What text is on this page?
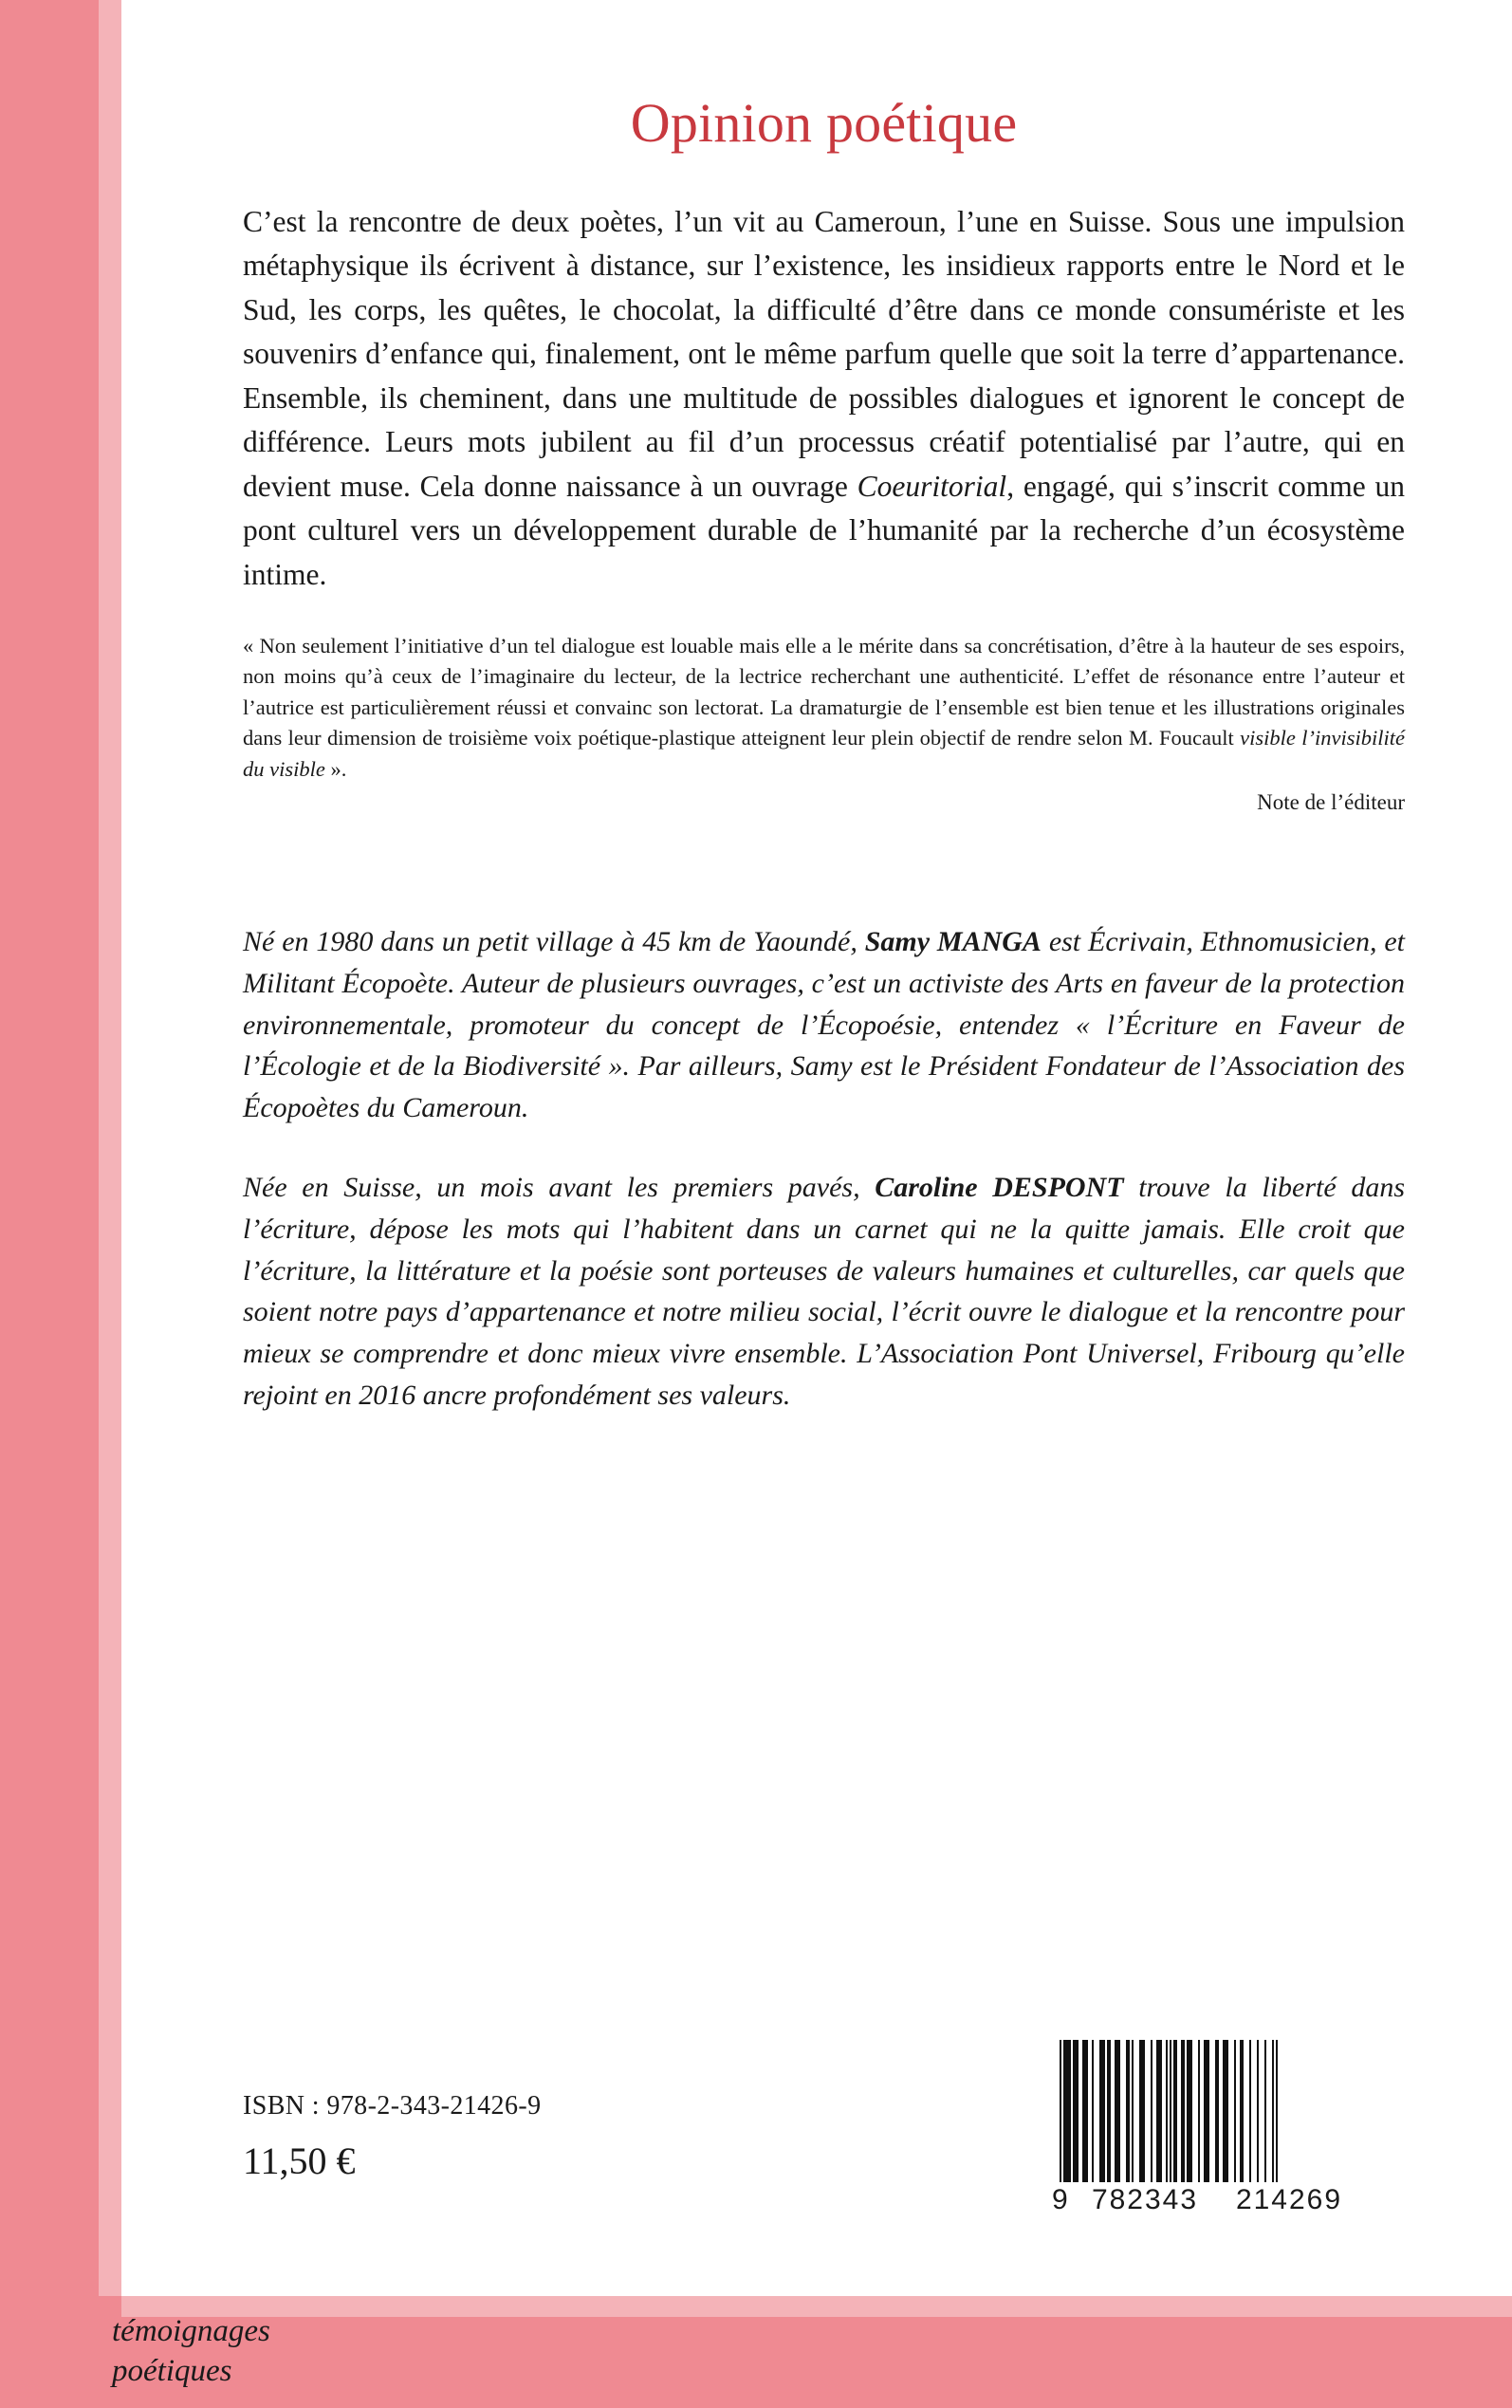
Opinion poétique

C’est la rencontre de deux poètes, l’un vit au Cameroun, l’une en Suisse. Sous une impulsion métaphysique ils écrivent à distance, sur l’existence, les insidieux rapports entre le Nord et le Sud, les corps, les quêtes, le chocolat, la difficulté d’être dans ce monde consumériste et les souvenirs d’enfance qui, finalement, ont le même parfum quelle que soit la terre d’appartenance. Ensemble, ils cheminent, dans une multitude de possibles dialogues et ignorent le concept de différence. Leurs mots jubilent au fil d’un processus créatif potentialisé par l’autre, qui en devient muse. Cela donne naissance à un ouvrage Coeuritorial, engagé, qui s’inscrit comme un pont culturel vers un développement durable de l’humanité par la recherche d’un écosystème intime.

« Non seulement l’initiative d’un tel dialogue est louable mais elle a le mérite dans sa concrétisation, d’être à la hauteur de ses espoirs, non moins qu’à ceux de l’imaginaire du lecteur, de la lectrice recherchant une authenticité. L’effet de résonance entre l’auteur et l’autrice est particulièrement réussi et convainc son lectorat. La dramaturgie de l’ensemble est bien tenue et les illustrations originales dans leur dimension de troisième voix poétique-plastique atteignent leur plein objectif de rendre selon M. Foucault visible l’invisibilité du visible ».

Note de l’éditeur

Né en 1980 dans un petit village à 45 km de Yaoundé, Samy MANGA est Écrivain, Ethnomusicien, et Militant Écopoète. Auteur de plusieurs ouvrages, c’est un activiste des Arts en faveur de la protection environnementale, promoteur du concept de l’Écopoésie, entendez « l’Écriture en Faveur de l’Écologie et de la Biodiversité ». Par ailleurs, Samy est le Président Fondateur de l’Association des Écopoètes du Cameroun.

Née en Suisse, un mois avant les premiers pavés, Caroline DESPONT trouve la liberté dans l’écriture, dépose les mots qui l’habitent dans un carnet qui ne la quitte jamais. Elle croit que l’écriture, la littérature et la poésie sont porteuses de valeurs humaines et culturelles, car quels que soient notre pays d’appartenance et notre milieu social, l’écrit ouvre le dialogue et la rencontre pour mieux se comprendre et donc mieux vivre ensemble. L’Association Pont Universel, Fribourg qu’elle rejoint en 2016 ancre profondément ses valeurs.

ISBN : 978-2-343-21426-9
11,50 €
9 782343	214269
témoignages
poétiques
